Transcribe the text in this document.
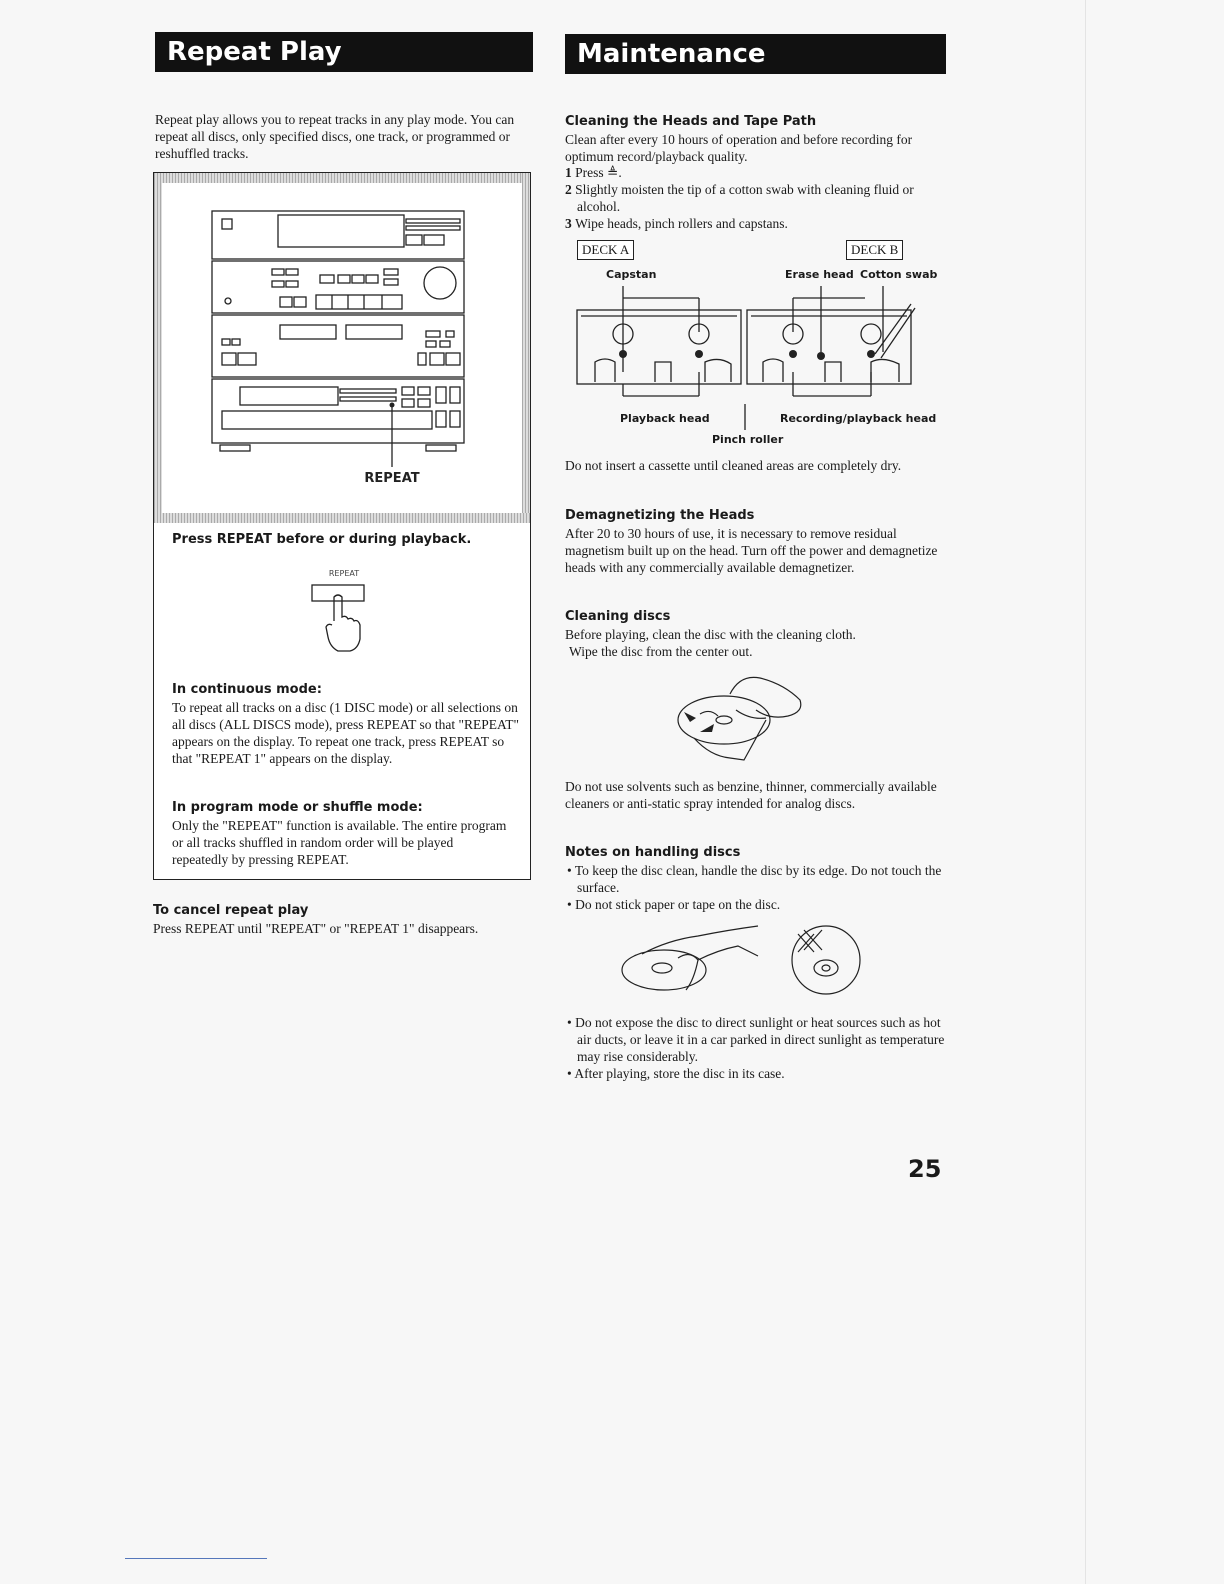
Repeat Play
Repeat play allows you to repeat tracks in any play mode. You can repeat all discs, only specified discs, one track, or programmed or reshuffled tracks.
REPEAT
Press REPEAT before or during playback.
REPEAT
In continuous mode:
To repeat all tracks on a disc (1 DISC mode) or all selections on all discs (ALL DISCS mode), press REPEAT so that "REPEAT" appears on the display. To repeat one track, press REPEAT so that "REPEAT 1" appears on the display.
In program mode or shuffle mode:
Only the "REPEAT" function is available. The entire program or all tracks shuffled in random order will be played repeatedly by pressing REPEAT.
To cancel repeat play
Press REPEAT until "REPEAT" or "REPEAT 1" disappears.
Maintenance
Cleaning the Heads and Tape Path
Clean after every 10 hours of operation and before recording for optimum record/playback quality.
1 Press ≜.
2 Slightly moisten the tip of a cotton swab with cleaning fluid or alcohol.
3 Wipe heads, pinch rollers and capstans.
DECK A	DECK B
Capstan	Erase head Cotton swab
Playback head	Recording/playback head
Pinch roller
Do not insert a cassette until cleaned areas are completely dry.
Demagnetizing the Heads
After 20 to 30 hours of use, it is necessary to remove residual magnetism built up on the head. Turn off the power and demagnetize heads with any commercially available demagnetizer.
Cleaning discs
Before playing, clean the disc with the cleaning cloth.
Wipe the disc from the center out.
Do not use solvents such as benzine, thinner, commercially available cleaners or anti-static spray intended for analog discs.
Notes on handling discs
• To keep the disc clean, handle the disc by its edge. Do not touch the surface.
• Do not stick paper or tape on the disc.
• Do not expose the disc to direct sunlight or heat sources such as hot air ducts, or leave it in a car parked in direct sunlight as temperature may rise considerably.
• After playing, store the disc in its case.
25
